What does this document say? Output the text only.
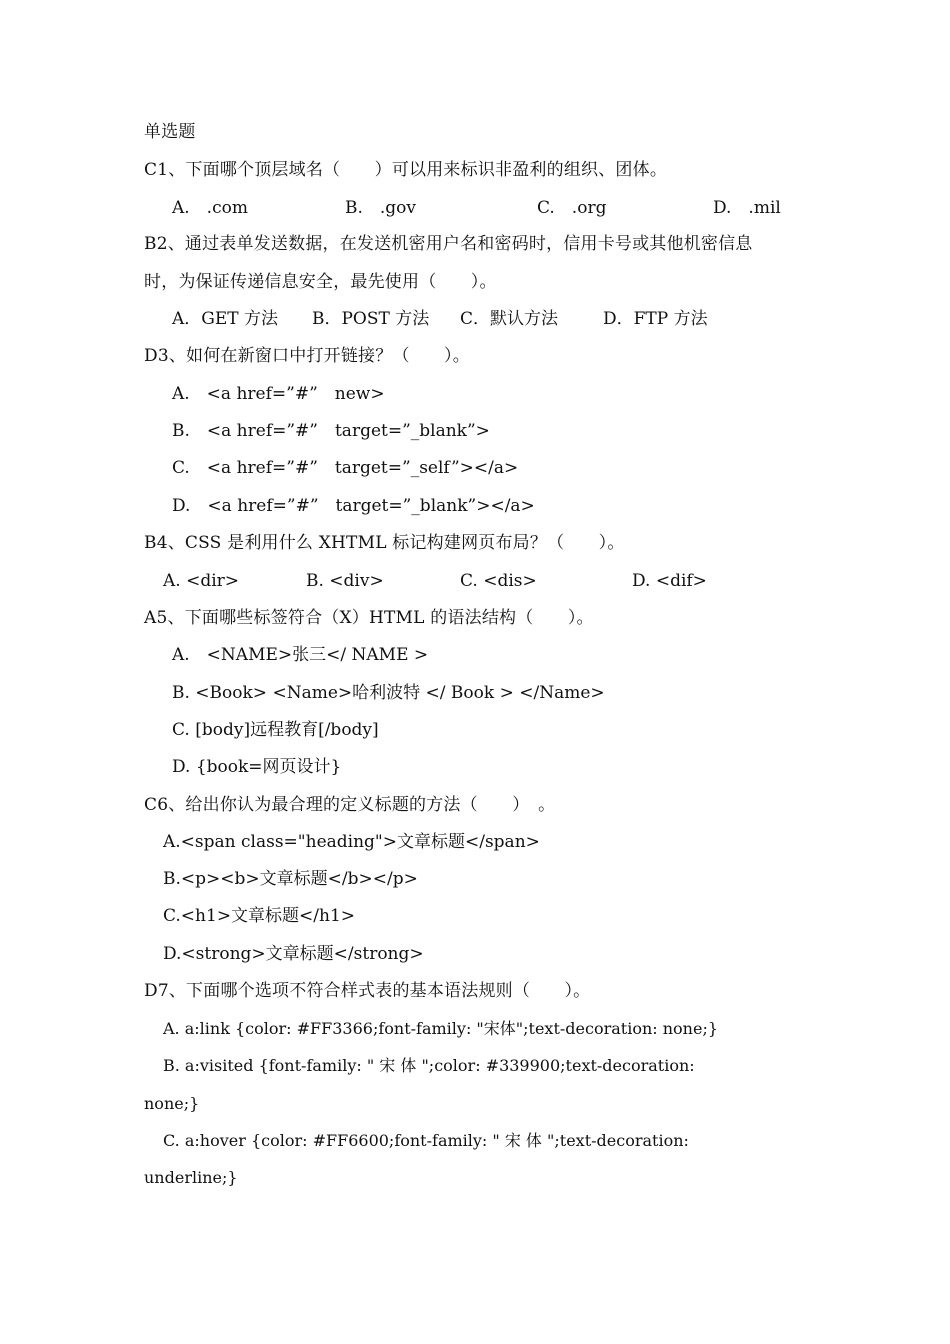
单选题
C1、下面哪个顶层域名（　　）可以用来标识非盈利的组织、团体。
A.　.com	B.　.gov	C.　.org	D.　.mil
B2、通过表单发送数据，在发送机密用户名和密码时，信用卡号或其他机密信息
时，为保证传递信息安全，最先使用（　　）。
A．GET 方法 B．POST 方法 C．默认方法	D．FTP 方法
D3、如何在新窗口中打开链接？（　　）。
A.　<a href=”#”　new>
B.　<a href=”#”　target=”_blank”>
C.　<a href=”#”　target=”_self”></a>
D.　<a href=”#”　target=”_blank”></a>
B4、CSS 是利用什么 XHTML 标记构建网页布局？（　　）。
A. <dir>	B. <div>	C. <dis>	D. <dif>
A5、下面哪些标签符合（X）HTML 的语法结构（　　）。
A.　<NAME>张三</ NAME >
B. <Book> <Name>哈利波特 </ Book > </Name>
C. [body]远程教育[/body]
D. {book=网页设计}
C6、给出你认为最合理的定义标题的方法（　　）　。
A.<span class="heading">文章标题</span>
B.<p><b>文章标题</b></p>
C.<h1>文章标题</h1>
D.<strong>文章标题</strong>
D7、下面哪个选项不符合样式表的基本语法规则（　　）。
A. a:link {color: #FF3366;font-family: "宋体";text-decoration: none;}
B. a:visited {font-family: " 宋 体 ";color: #339900;text-decoration:
none;}
C. a:hover {color: #FF6600;font-family: " 宋 体 ";text-decoration:
underline;}
